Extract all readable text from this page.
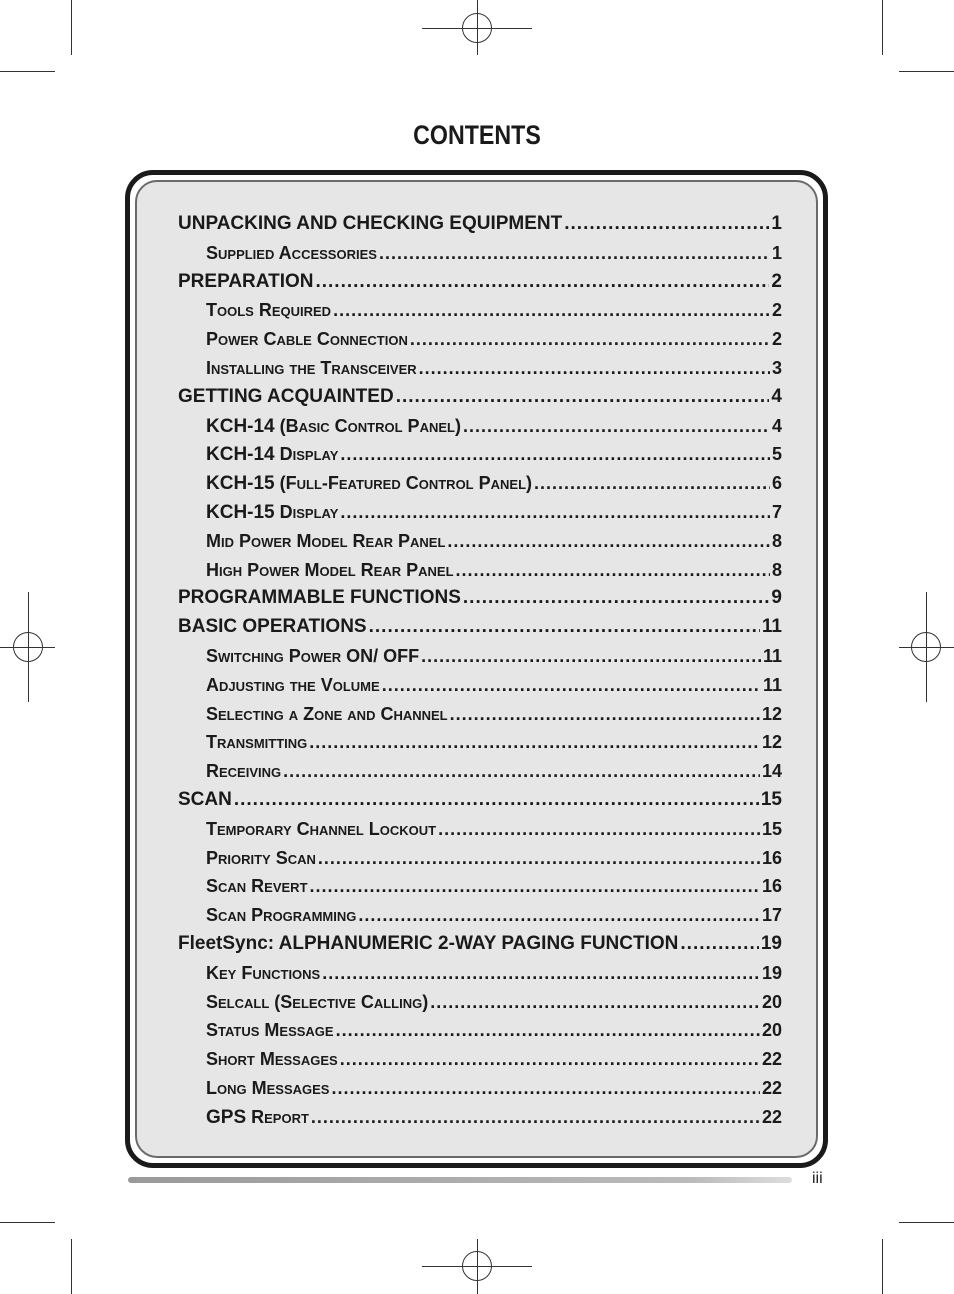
CONTENTS
UNPACKING AND CHECKING EQUIPMENT .....	1
Supplied Accessories .....	1
PREPARATION .....	2
Tools Required .....	2
Power Cable Connection .....	2
Installing the Transceiver .....	3
GETTING ACQUAINTED .....	4
KCH-14 (Basic Control Panel) .....	4
KCH-14 Display .....	5
KCH-15 (Full-Featured Control Panel) .....	6
KCH-15 Display .....	7
Mid Power Model Rear Panel .....	8
High Power Model Rear Panel .....	8
PROGRAMMABLE FUNCTIONS .....	9
BASIC OPERATIONS .....	11
Switching Power ON/ OFF .....	11
Adjusting the Volume .....	11
Selecting a Zone and Channel .....	12
Transmitting .....	12
Receiving .....	14
SCAN .....	15
Temporary Channel Lockout .....	15
Priority Scan .....	16
Scan Revert .....	16
Scan Programming .....	17
FleetSync: ALPHANUMERIC 2-WAY PAGING FUNCTION .....	19
Key Functions .....	19
Selcall (Selective Calling) .....	20
Status Message .....	20
Short Messages .....	22
Long Messages .....	22
GPS Report .....	22
iii
